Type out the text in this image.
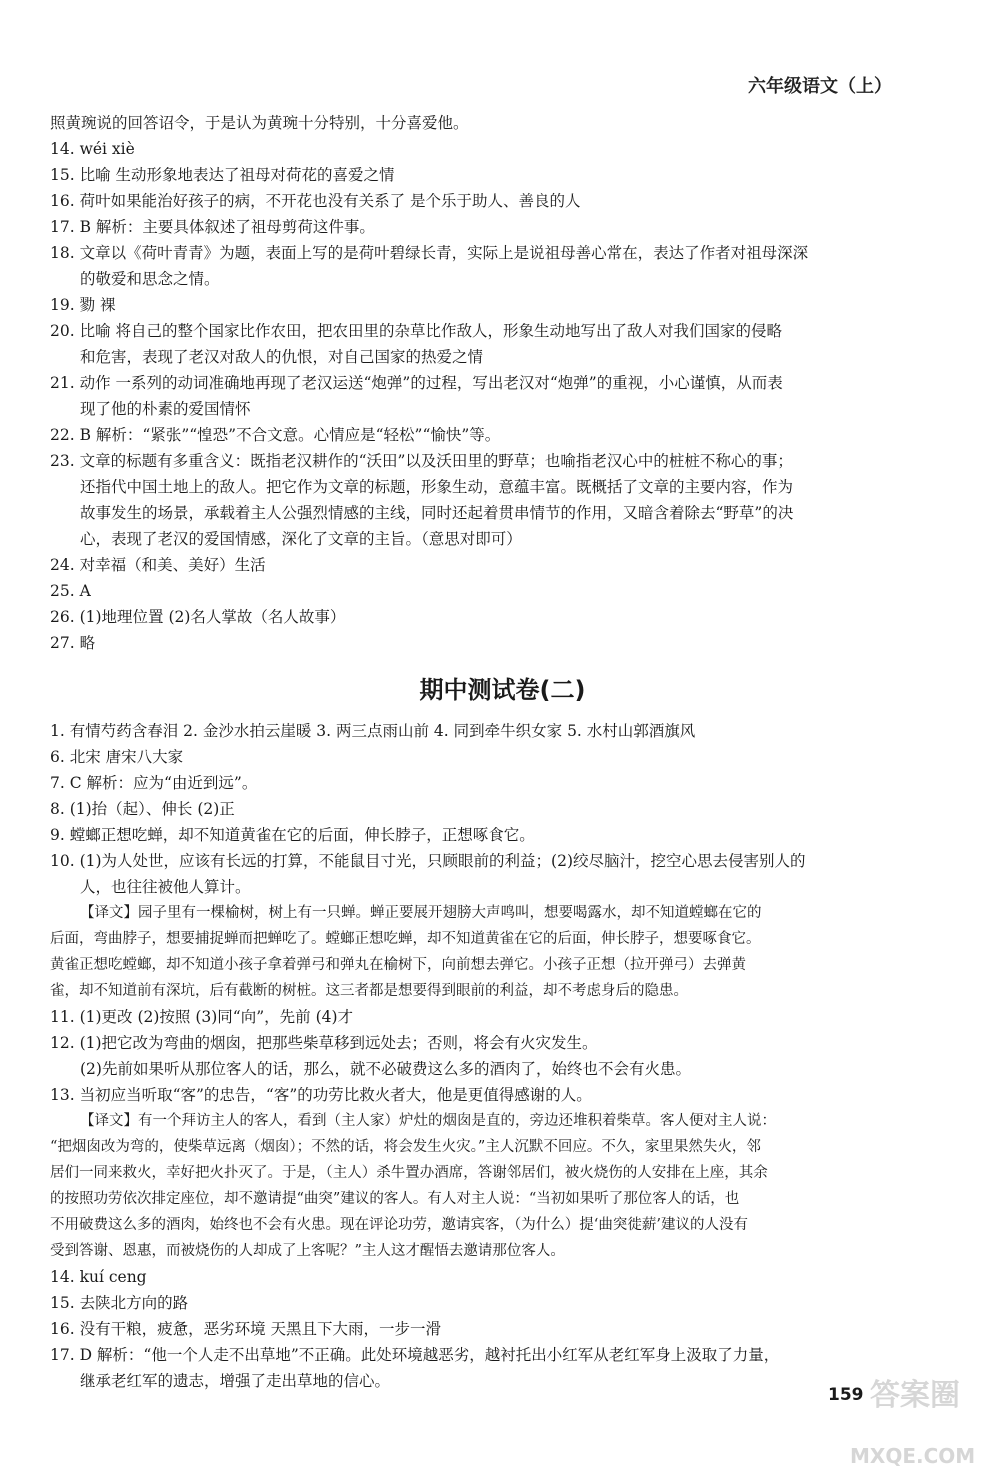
六年级语文（上）

照黄琬说的回答诏令，于是认为黄琬十分特别，十分喜爱他。

14. wéi xiè

15. 比喻 生动形象地表达了祖母对荷花的喜爱之情

16. 荷叶如果能治好孩子的病，不开花也没有关系了 是个乐于助人、善良的人

17. B 解析：主要具体叙述了祖母剪荷这件事。

18. 文章以《荷叶青青》为题，表面上写的是荷叶碧绿长青，实际上是说祖母善心常在，表达了作者对祖母深深

的敬爱和思念之情。

19. 勠 裸

20. 比喻 将自己的整个国家比作农田，把农田里的杂草比作敌人，形象生动地写出了敌人对我们国家的侵略

和危害，表现了老汉对敌人的仇恨，对自己国家的热爱之情

21. 动作 一系列的动词准确地再现了老汉运送“炮弹”的过程，写出老汉对“炮弹”的重视，小心谨慎，从而表

现了他的朴素的爱国情怀

22. B 解析：“紧张”“惶恐”不合文意。心情应是“轻松”“愉快”等。

23. 文章的标题有多重含义：既指老汉耕作的“沃田”以及沃田里的野草；也喻指老汉心中的桩桩不称心的事；

还指代中国土地上的敌人。把它作为文章的标题，形象生动，意蕴丰富。既概括了文章的主要内容，作为

故事发生的场景，承载着主人公强烈情感的主线，同时还起着贯串情节的作用，又暗含着除去“野草”的决

心，表现了老汉的爱国情感，深化了文章的主旨。（意思对即可）

24. 对幸福（和美、美好）生活

25. A

26. (1)地理位置 (2)名人掌故（名人故事）

27. 略

期中测试卷(二)

1. 有情芍药含春泪 2. 金沙水拍云崖暖 3. 两三点雨山前 4. 同到牵牛织女家 5. 水村山郭酒旗风

6. 北宋 唐宋八大家

7. C 解析：应为“由近到远”。

8. (1)抬（起）、伸长 (2)正

9. 螳螂正想吃蝉，却不知道黄雀在它的后面，伸长脖子，正想啄食它。

10. (1)为人处世，应该有长远的打算，不能鼠目寸光，只顾眼前的利益；(2)绞尽脑汁，挖空心思去侵害别人的

人，也往往被他人算计。

【译文】园子里有一棵榆树，树上有一只蝉。蝉正要展开翅膀大声鸣叫，想要喝露水，却不知道螳螂在它的

后面，弯曲脖子，想要捕捉蝉而把蝉吃了。螳螂正想吃蝉，却不知道黄雀在它的后面，伸长脖子，想要啄食它。

黄雀正想吃螳螂，却不知道小孩子拿着弹弓和弹丸在榆树下，向前想去弹它。小孩子正想（拉开弹弓）去弹黄

雀，却不知道前有深坑，后有截断的树桩。这三者都是想要得到眼前的利益，却不考虑身后的隐患。

11. (1)更改 (2)按照 (3)同“向”，先前 (4)才

12. (1)把它改为弯曲的烟囱，把那些柴草移到远处去；否则，将会有火灾发生。

(2)先前如果听从那位客人的话，那么，就不必破费这么多的酒肉了，始终也不会有火患。

13. 当初应当听取“客”的忠告，“客”的功劳比救火者大，他是更值得感谢的人。

【译文】有一个拜访主人的客人，看到（主人家）炉灶的烟囱是直的，旁边还堆积着柴草。客人便对主人说：

“把烟囱改为弯的，使柴草远离（烟囱）；不然的话，将会发生火灾。”主人沉默不回应。不久，家里果然失火，邻

居们一同来救火，幸好把火扑灭了。于是，（主人）杀牛置办酒席，答谢邻居们，被火烧伤的人安排在上座，其余

的按照功劳依次排定座位，却不邀请提“曲突”建议的客人。有人对主人说：“当初如果听了那位客人的话，也

不用破费这么多的酒肉，始终也不会有火患。现在评论功劳，邀请宾客，（为什么）提‘曲突徙薪’建议的人没有

受到答谢、恩惠，而被烧伤的人却成了上客呢？”主人这才醒悟去邀请那位客人。

14. kuí ceng

15. 去陕北方向的路

16. 没有干粮，疲惫，恶劣环境 天黑且下大雨，一步一滑

17. D 解析：“他一个人走不出草地”不正确。此处环境越恶劣，越衬托出小红军从老红军身上汲取了力量，

继承老红军的遗志，增强了走出草地的信心。

159 答案圈
MXQE.COM
